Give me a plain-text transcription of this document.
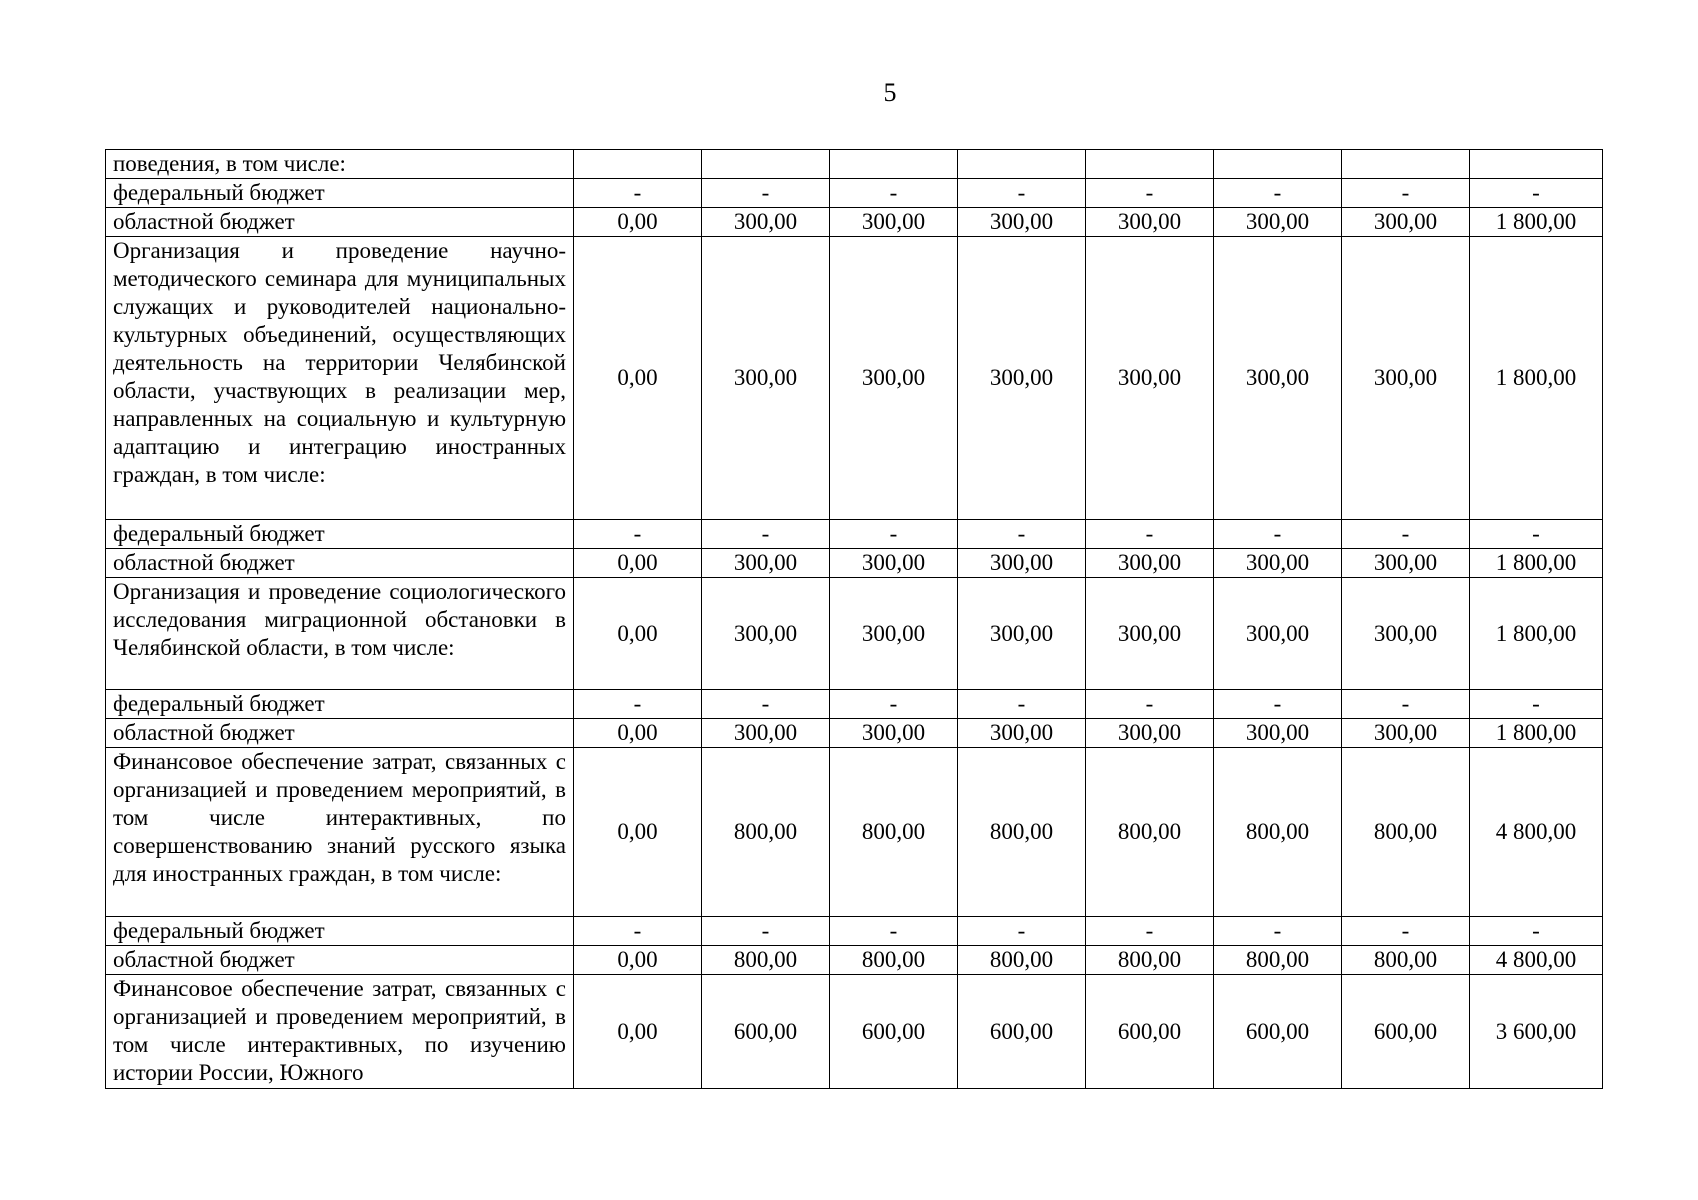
5
поведения, в том числе:								
федеральный бюджет	-	-	-	-	-	-	-	-
областной бюджет	0,00	300,00	300,00	300,00	300,00	300,00	300,00	1 800,00
Организация и проведение научно-методического семинара для муниципальных служащих и руководителей национально-культурных объединений, осуществляющих деятельность на территории Челябинской области, участвующих в реализации мер, направленных на социальную и культурную адаптацию и интеграцию иностранных граждан, в том числе:	0,00	300,00	300,00	300,00	300,00	300,00	300,00	1 800,00
федеральный бюджет	-	-	-	-	-	-	-	-
областной бюджет	0,00	300,00	300,00	300,00	300,00	300,00	300,00	1 800,00
Организация и проведение социологического исследования миграционной обстановки в Челябинской области, в том числе:	0,00	300,00	300,00	300,00	300,00	300,00	300,00	1 800,00
федеральный бюджет	-	-	-	-	-	-	-	-
областной бюджет	0,00	300,00	300,00	300,00	300,00	300,00	300,00	1 800,00
Финансовое обеспечение затрат, связанных с организацией и проведением мероприятий, в том числе интерактивных, по совершенствованию знаний русского языка для иностранных граждан, в том числе:	0,00	800,00	800,00	800,00	800,00	800,00	800,00	4 800,00
федеральный бюджет	-	-	-	-	-	-	-	-
областной бюджет	0,00	800,00	800,00	800,00	800,00	800,00	800,00	4 800,00
Финансовое обеспечение затрат, связанных с организацией и проведением мероприятий, в том числе интерактивных, по изучению истории России, Южного	0,00	600,00	600,00	600,00	600,00	600,00	600,00	3 600,00
